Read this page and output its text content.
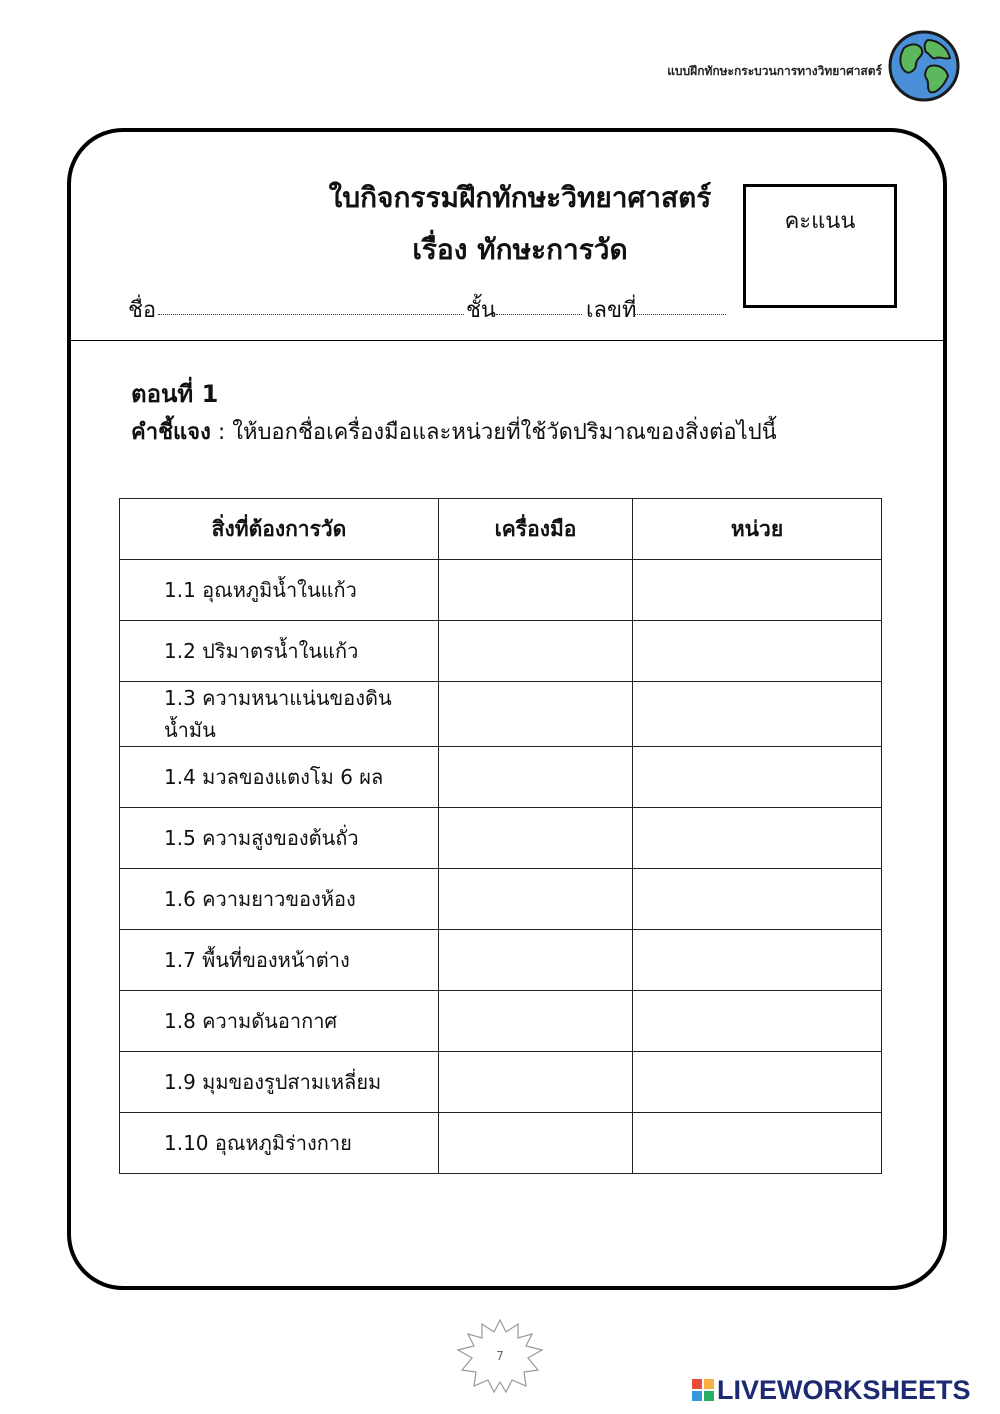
แบบฝึกทักษะกระบวนการทางวิทยาศาสตร์
ใบกิจกรรมฝึกทักษะวิทยาศาสตร์
เรื่อง ทักษะการวัด
คะแนน
ชื่อ	ชั้น	เลขที่
ตอนที่ 1
คำชี้แจง : ให้บอกชื่อเครื่องมือและหน่วยที่ใช้วัดปริมาณของสิ่งต่อไปนี้
สิ่งที่ต้องการวัด	เครื่องมือ	หน่วย
1.1 อุณหภูมิน้ำในแก้ว		
1.2 ปริมาตรน้ำในแก้ว		
1.3 ความหนาแน่นของดินน้ำมัน		
1.4 มวลของแตงโม 6 ผล		
1.5 ความสูงของต้นถั่ว		
1.6 ความยาวของห้อง		
1.7 พื้นที่ของหน้าต่าง		
1.8 ความดันอากาศ		
1.9 มุมของรูปสามเหลี่ยม		
1.10 อุณหภูมิร่างกาย		
7
LIVEWORKSHEETS
